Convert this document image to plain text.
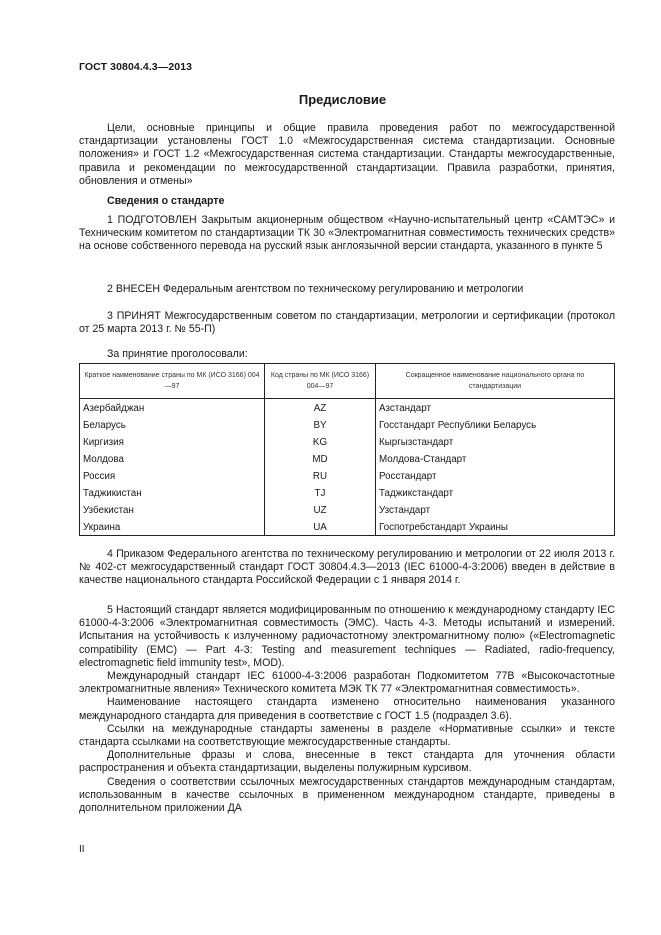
ГОСТ 30804.4.3—2013
Предисловие

Цели, основные принципы и общие правила проведения работ по межгосударственной стандартизации установлены ГОСТ 1.0 «Межгосударственная система стандартизации. Основные положения» и ГОСТ 1.2 «Межгосударственная система стандартизации. Стандарты межгосударственные, правила и рекомендации по межгосударственной стандартизации. Правила разработки, принятия, обновления и отмены»

Сведения о стандарте

1 ПОДГОТОВЛЕН Закрытым акционерным обществом «Научно-испытательный центр «САМТЭС» и Техническим комитетом по стандартизации ТК 30 «Электромагнитная совместимость технических средств» на основе собственного перевода на русский язык англоязычной версии стандарта, указанного в пункте 5

2 ВНЕСЕН Федеральным агентством по техническому регулированию и метрологии

3 ПРИНЯТ Межгосударственным советом по стандартизации, метрологии и сертификации (протокол от 25 марта 2013 г. № 55-П)

За принятие проголосовали:

Краткое наименование страны по МК (ИСО 3166) 004—97	Код страны по МК (ИСО 3166) 004—97	Сокращенное наименование национального органа по стандартизации
Азербайджан	AZ	Азстандарт
Беларусь	BY	Госстандарт Республики Беларусь
Киргизия	KG	Кыргызстандарт
Молдова	MD	Молдова-Стандарт
Россия	RU	Росстандарт
Таджикистан	TJ	Таджикстандарт
Узбекистан	UZ	Узстандарт
Украина	UA	Госпотребстандарт Украины

4 Приказом Федерального агентства по техническому регулированию и метрологии от 22 июля 2013 г. № 402-ст межгосударственный стандарт ГОСТ 30804.4.3—2013 (IEC 61000-4-3:2006) введен в действие в качестве национального стандарта Российской Федерации с 1 января 2014 г.

5 Настоящий стандарт является модифицированным по отношению к международному стандарту IEC 61000-4-3:2006 «Электромагнитная совместимость (ЭМС). Часть 4-3. Методы испытаний и измерений. Испытания на устойчивость к излученному радиочастотному электромагнитному полю» («Electromagnetic compatibility (EMC) — Part 4-3: Testing and measurement techniques — Radiated, radio-frequency, electromagnetic field immunity test», MOD).

Международный стандарт IEC 61000-4-3:2006 разработан Подкомитетом 77B «Высокочастотные электромагнитные явления» Технического комитета МЭК ТК 77 «Электромагнитная совместимость».

Наименование настоящего стандарта изменено относительно наименования указанного международного стандарта для приведения в соответствие с ГОСТ 1.5 (подраздел 3.6).

Ссылки на международные стандарты заменены в разделе «Нормативные ссылки» и тексте стандарта ссылками на соответствующие межгосударственные стандарты.

Дополнительные фразы и слова, внесенные в текст стандарта для уточнения области распространения и объекта стандартизации, выделены полужирным курсивом.

Сведения о соответствии ссылочных межгосударственных стандартов международным стандартам, использованным в качестве ссылочных в примененном международном стандарте, приведены в дополнительном приложении ДА

II
